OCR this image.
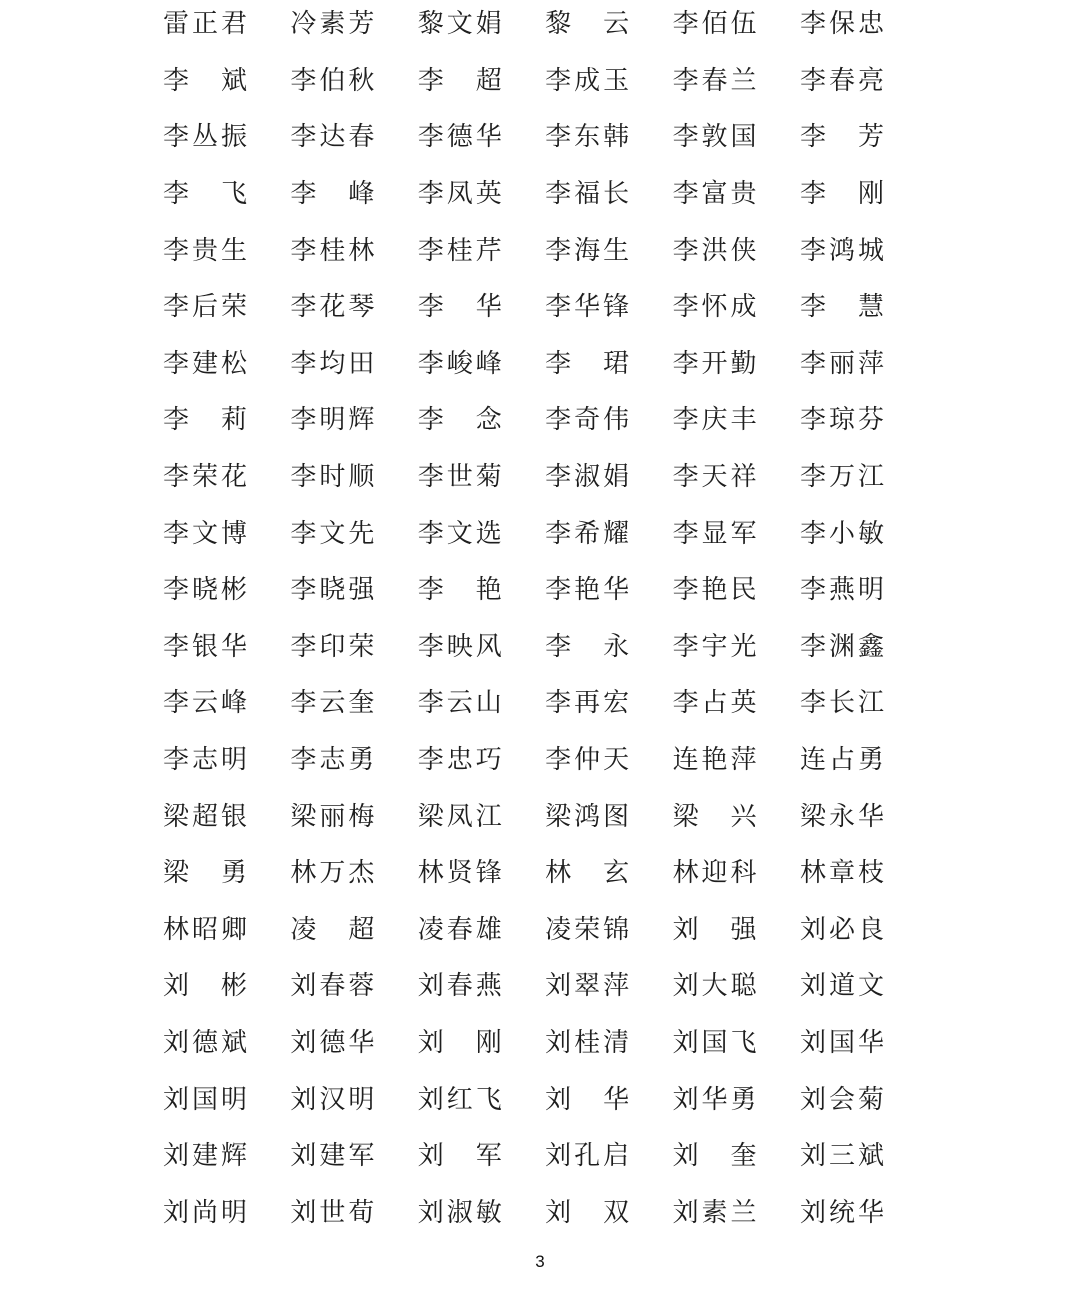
雷正君 冷素芳 黎文娟 黎　云 李佰伍 李保忠
李　斌 李伯秋 李　超 李成玉 李春兰 李春亮
李丛振 李达春 李德华 李东韩 李敦国 李　芳
李　飞 李　峰 李凤英 李福长 李富贵 李　刚
李贵生 李桂林 李桂芹 李海生 李洪侠 李鸿城
李后荣 李花琴 李　华 李华锋 李怀成 李　慧
李建松 李均田 李峻峰 李　珺 李开勤 李丽萍
李　莉 李明辉 李　念 李奇伟 李庆丰 李琼芬
李荣花 李时顺 李世菊 李淑娟 李天祥 李万江
李文博 李文先 李文选 李希耀 李显军 李小敏
李晓彬 李晓强 李　艳 李艳华 李艳民 李燕明
李银华 李印荣 李映风 李　永 李宇光 李渊鑫
李云峰 李云奎 李云山 李再宏 李占英 李长江
李志明 李志勇 李忠巧 李仲天 连艳萍 连占勇
梁超银 梁丽梅 梁凤江 梁鸿图 梁　兴 梁永华
梁　勇 林万杰 林贤锋 林　玄 林迎科 林章枝
林昭卿 凌　超 凌春雄 凌荣锦 刘　强 刘必良
刘　彬 刘春蓉 刘春燕 刘翠萍 刘大聪 刘道文
刘德斌 刘德华 刘　刚 刘桂清 刘国飞 刘国华
刘国明 刘汉明 刘红飞 刘　华 刘华勇 刘会菊
刘建辉 刘建军 刘　军 刘孔启 刘　奎 刘三斌
刘尚明 刘世荀 刘淑敏 刘　双 刘素兰 刘统华
3
